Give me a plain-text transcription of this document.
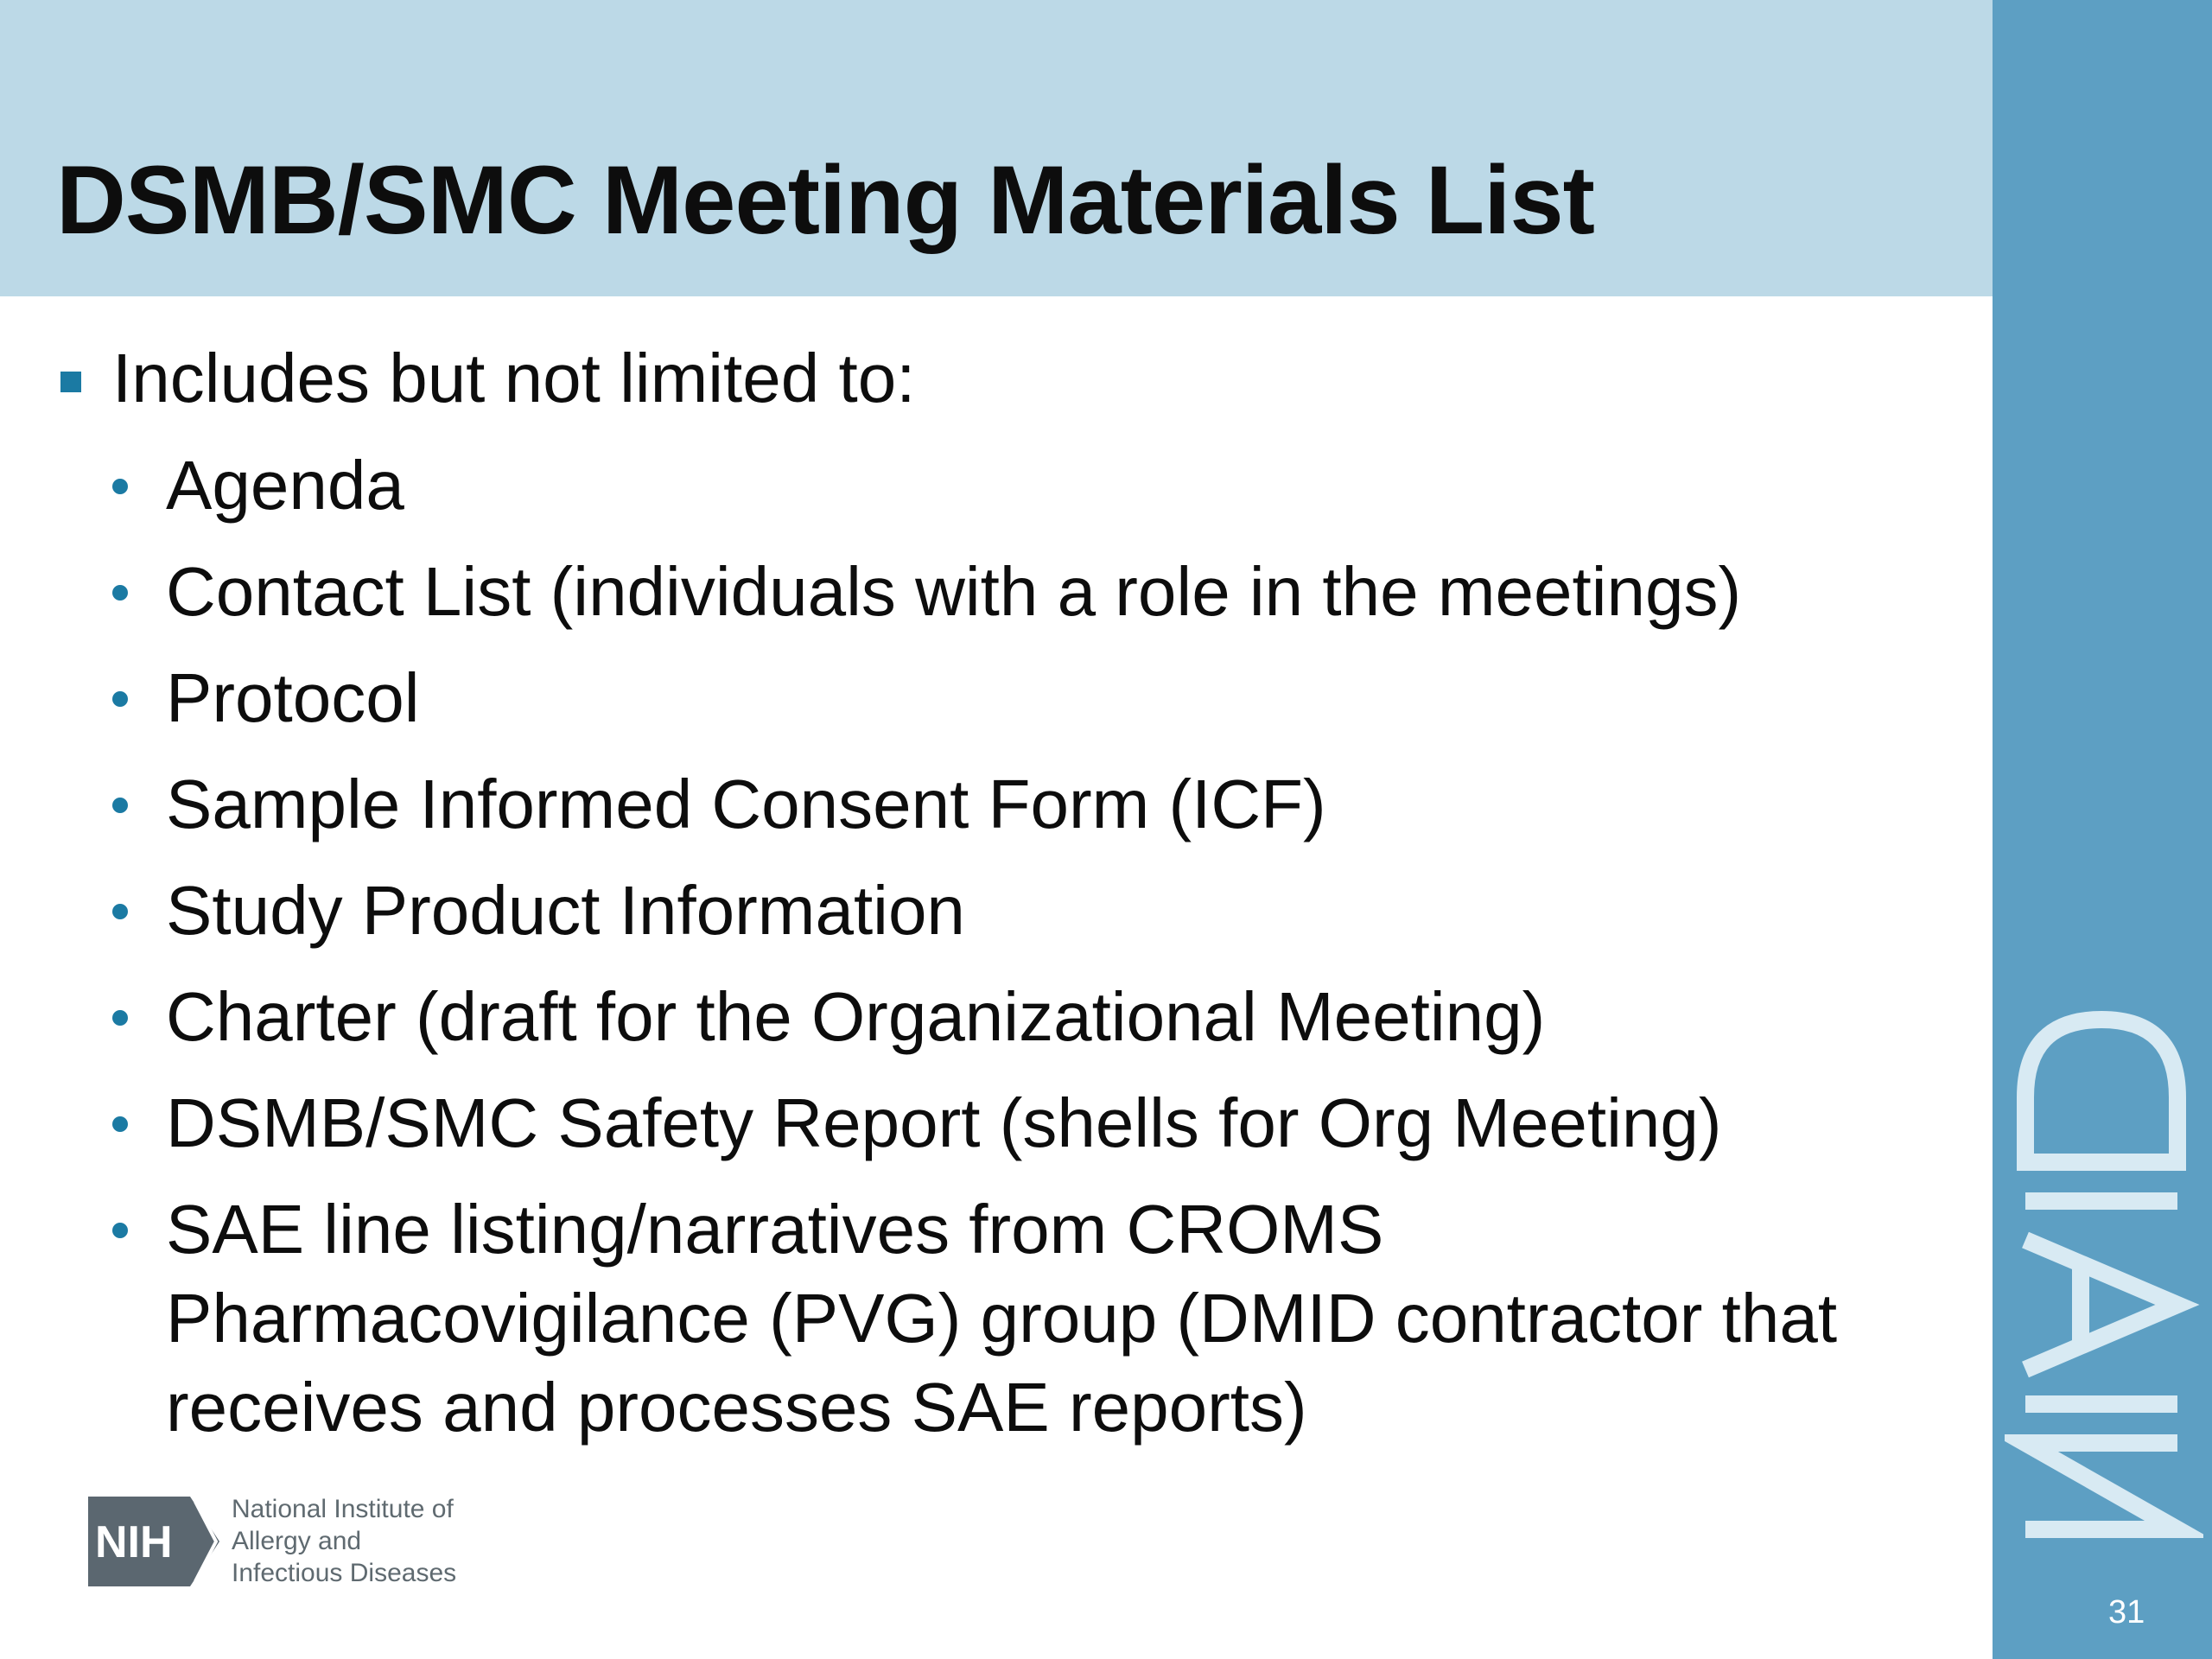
DSMB/SMC Meeting Materials List
31
Includes but not limited to:
Agenda
Contact List (individuals with a role in the meetings)
Protocol
Sample Informed Consent Form (ICF)
Study Product Information
Charter (draft for the Organizational Meeting)
DSMB/SMC Safety Report (shells for Org Meeting)
SAE line listing/narratives from CROMS Pharmacovigilance (PVG) group (DMID contractor that receives and processes SAE reports)
NIH
National Institute of
Allergy and
Infectious Diseases
